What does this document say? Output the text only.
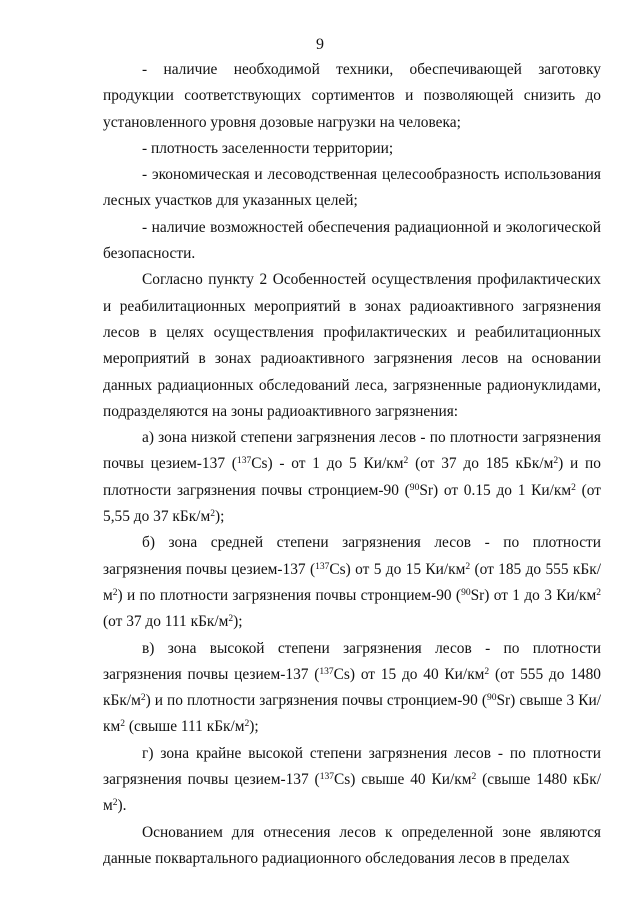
9

- наличие необходимой техники, обеспечивающей заготовку продукции соответствующих сортиментов и позволяющей снизить до установленного уровня дозовые нагрузки на человека;

- плотность заселенности территории;

- экономическая и лесоводственная целесообразность использования лесных участков для указанных целей;

- наличие возможностей обеспечения радиационной и экологической безопасности.

Согласно пункту 2 Особенностей осуществления профилактических и реабилитационных мероприятий в зонах радиоактивного загрязнения лесов в целях осуществления профилактических и реабилитационных мероприятий в зонах радиоактивного загрязнения лесов на основании данных радиационных обследований леса, загрязненные радионуклидами, подразделяются на зоны радиоактивного загрязнения:

а) зона низкой степени загрязнения лесов - по плотности загрязнения почвы цезием-137 ($^{137}$Cs) - от 1 до 5 $Ки/км^2$ (от 37 до 185 кБк/$м^2$) и по плотности загрязнения почвы стронцием-90 ($^{90}$Sr) от 0.15 до 1 $Ки/км^2$ (от 5,55 до 37 кБк/$м^2$);

б) зона средней степени загрязнения лесов - по плотности загрязнения почвы цезием-137 ($^{137}$Cs) от 5 до 15 $Ки/км^2$ (от 185 до 555 кБк/$м^2$) и по плотности загрязнения почвы стронцием-90 ($^{90}$Sr) от 1 до 3 $Ки/км^2$ (от 37 до 111 кБк/$м^2$);

в) зона высокой степени загрязнения лесов - по плотности загрязнения почвы цезием-137 ($^{137}$Cs) от 15 до 40 $Ки/км^2$ (от 555 до 1480 кБк/$м^2$) и по плотности загрязнения почвы стронцием-90 ($^{90}$Sr) свыше 3 $Ки/км^2$ (свыше 111 кБк/$м^2$);

г) зона крайне высокой степени загрязнения лесов - по плотности загрязнения почвы цезием-137 ($^{137}$Cs) свыше 40 $Ки/км^2$ (свыше 1480 кБк/$м^2$).

Основанием для отнесения лесов к определенной зоне являются данные поквартального радиационного обследования лесов в пределах
